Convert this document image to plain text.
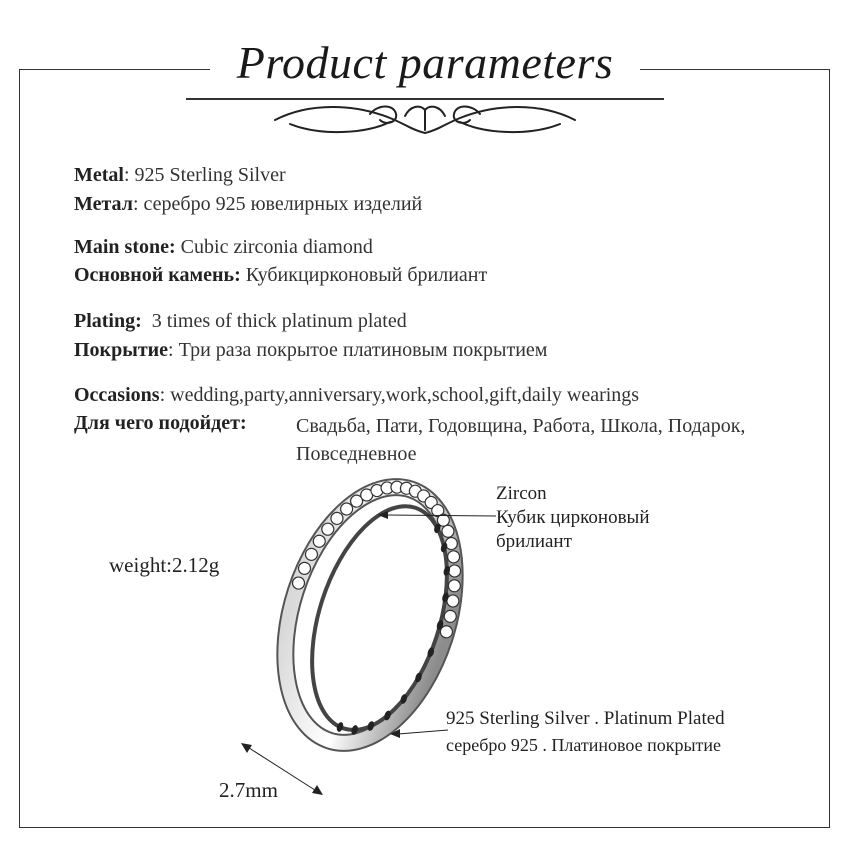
Product parameters
Metal: 925 Sterling Silver
Метал: серебро 925 ювелирных изделий
Main stone: Cubic zirconia diamond
Основной камень: Кубикцирконовый брилиант
Plating: 3 times of thick platinum plated
Покрытие: Три раза покрытое платиновым покрытием
Occasions: wedding,party,anniversary,work,school,gift,daily wearings
Для чего подойдет: Свадьба, Пати, Годовщина, Работа, Школа, Подарок, Повседневное
Zircon
Кубик цирконовый
брилиант
weight:2.12g
925 Sterling Silver . Platinum Plated
серебро 925 . Платиновое покрытие
2.7mm
